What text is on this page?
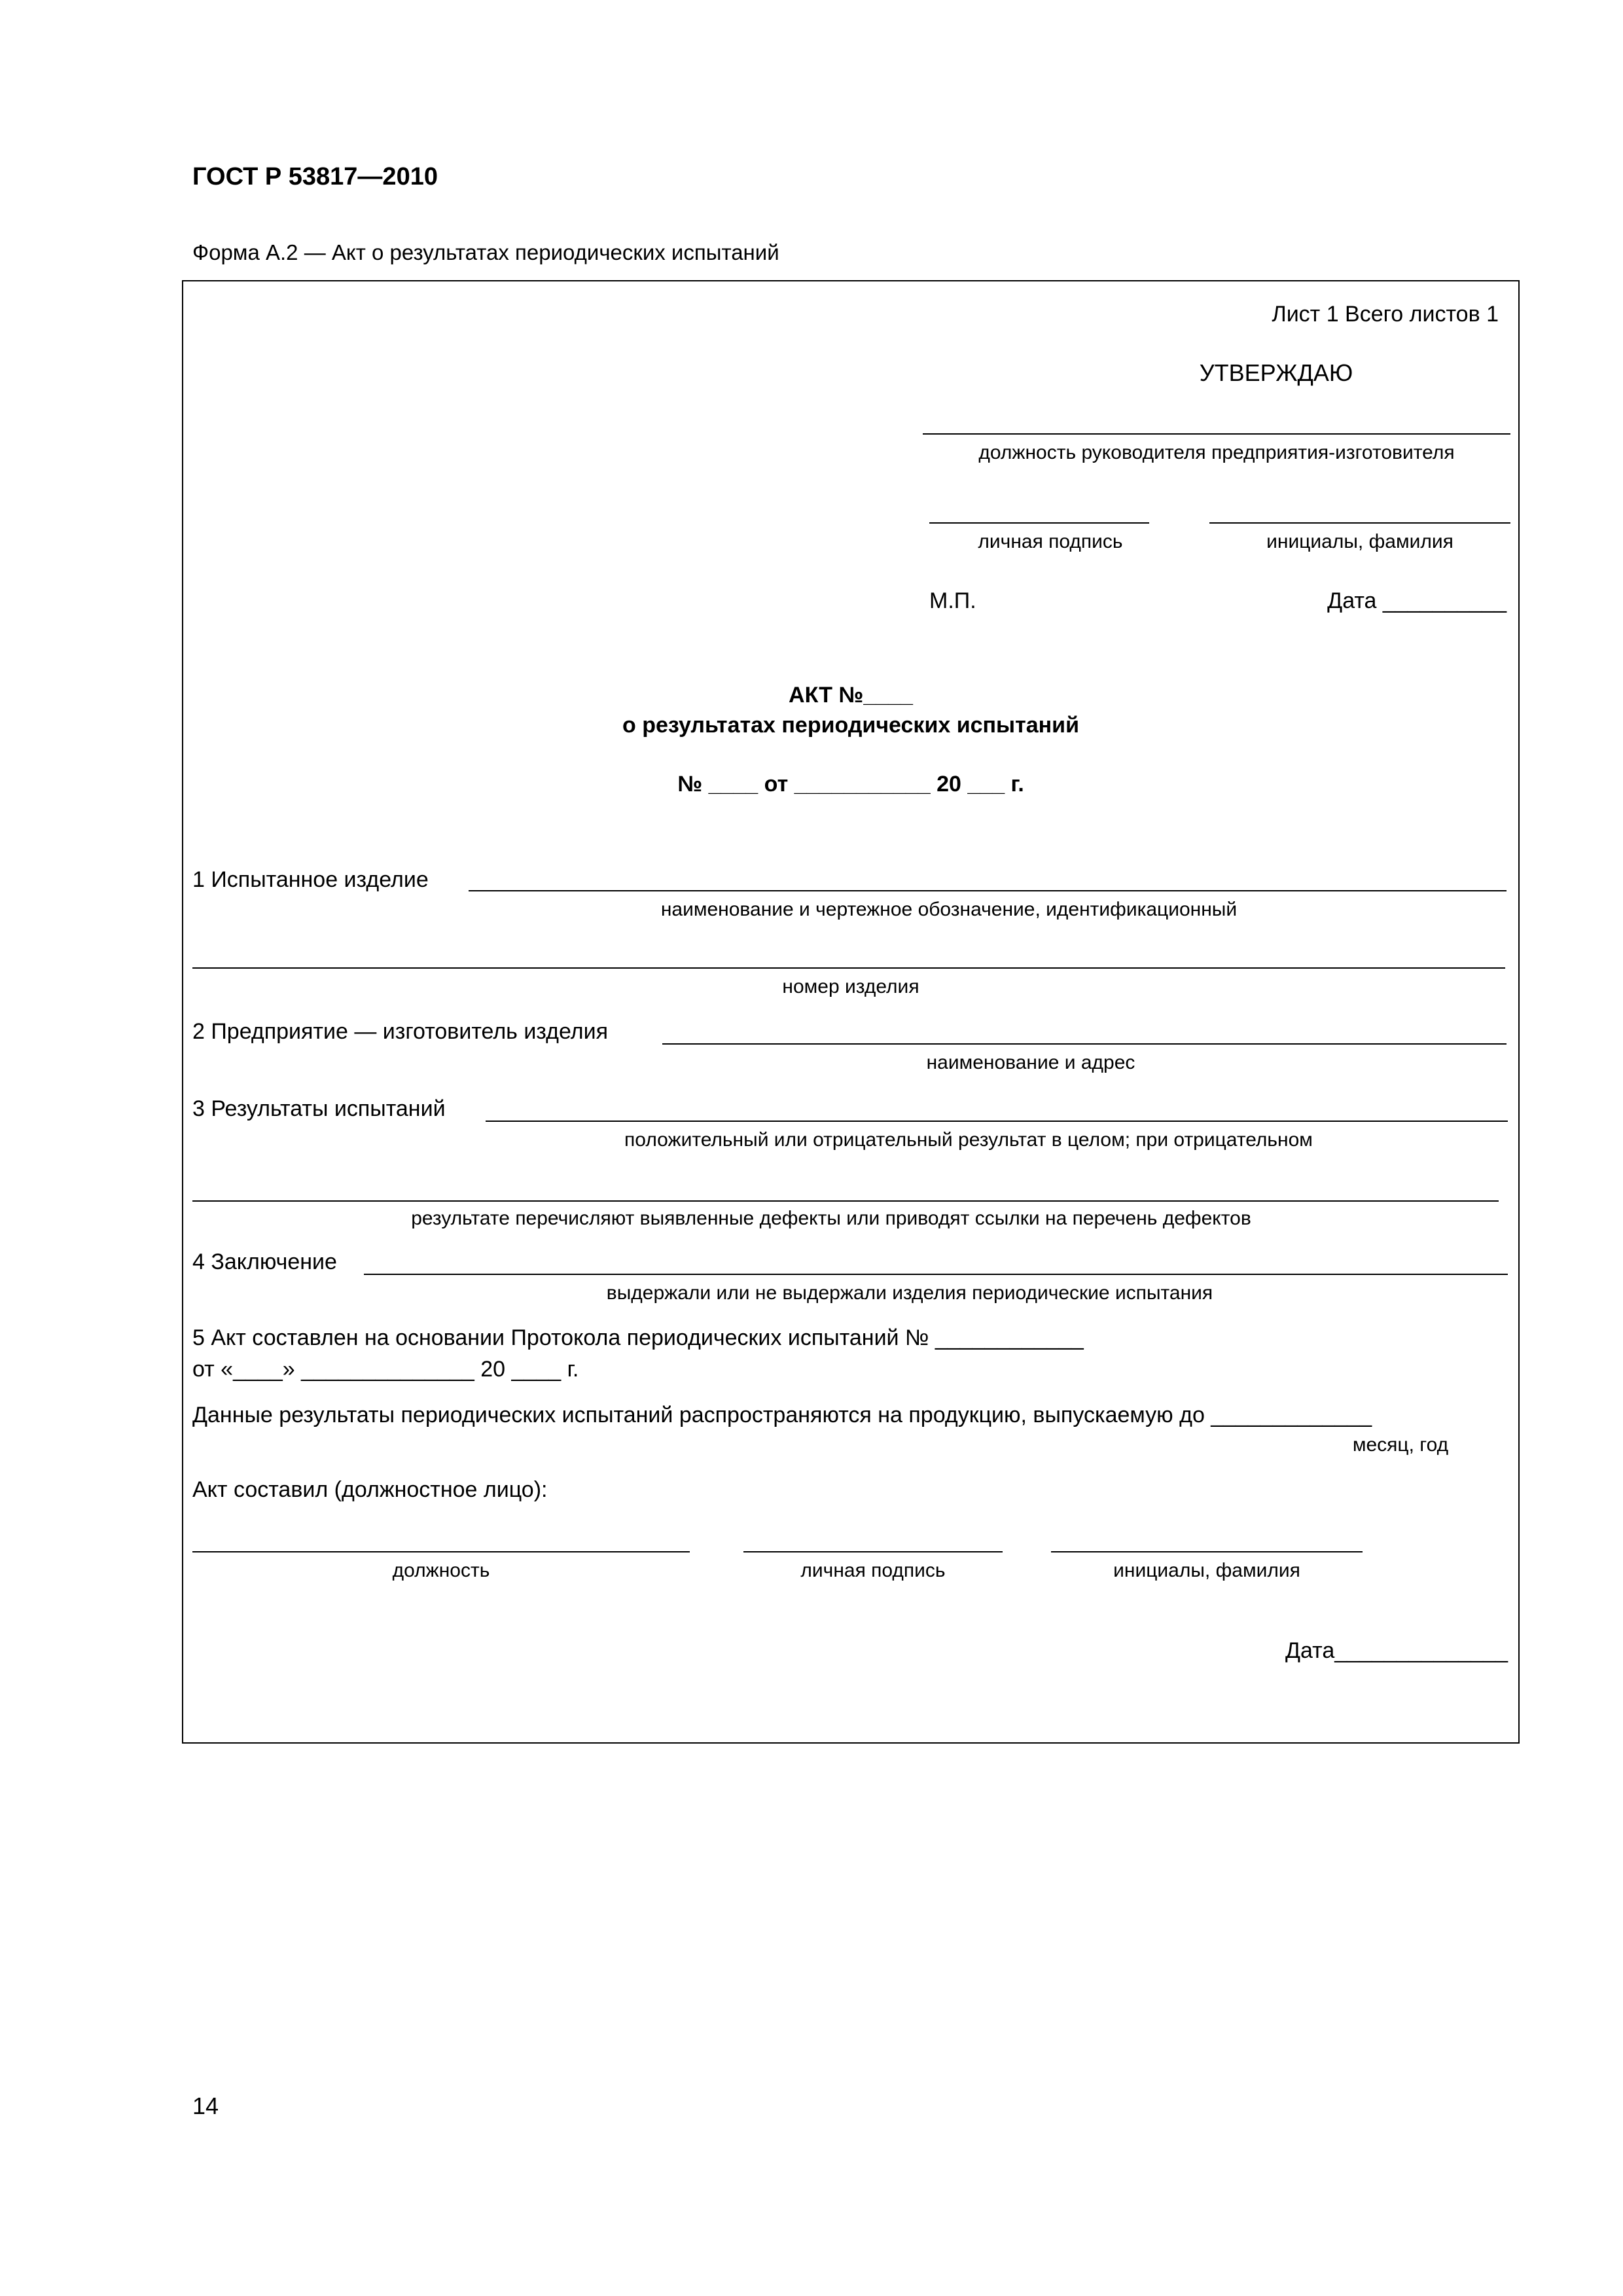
ГОСТ Р 53817—2010
Форма А.2 — Акт о результатах периодических испытаний
Лист 1 Всего листов 1
УТВЕРЖДАЮ
должность руководителя предприятия-изготовителя
личная подпись	инициалы, фамилия
М.П.	Дата __________
АКТ №____
о результатах периодических испытаний
№ ____ от ___________ 20 ___ г.
1 Испытанное изделие
наименование и чертежное обозначение, идентификационный
номер изделия
2 Предприятие — изготовитель изделия
наименование и адрес
3 Результаты испытаний
положительный или отрицательный результат в целом; при отрицательном
результате перечисляют выявленные дефекты или приводят ссылки на перечень дефектов
4 Заключение
выдержали или не выдержали изделия периодические испытания
5 Акт составлен на основании Протокола периодических испытаний № ____________
от «____» ______________ 20 ____ г.
Данные результаты периодических испытаний распространяются на продукцию, выпускаемую до _____________
месяц, год
Акт составил (должностное лицо):
должность	личная подпись	инициалы, фамилия
Дата______________
14
